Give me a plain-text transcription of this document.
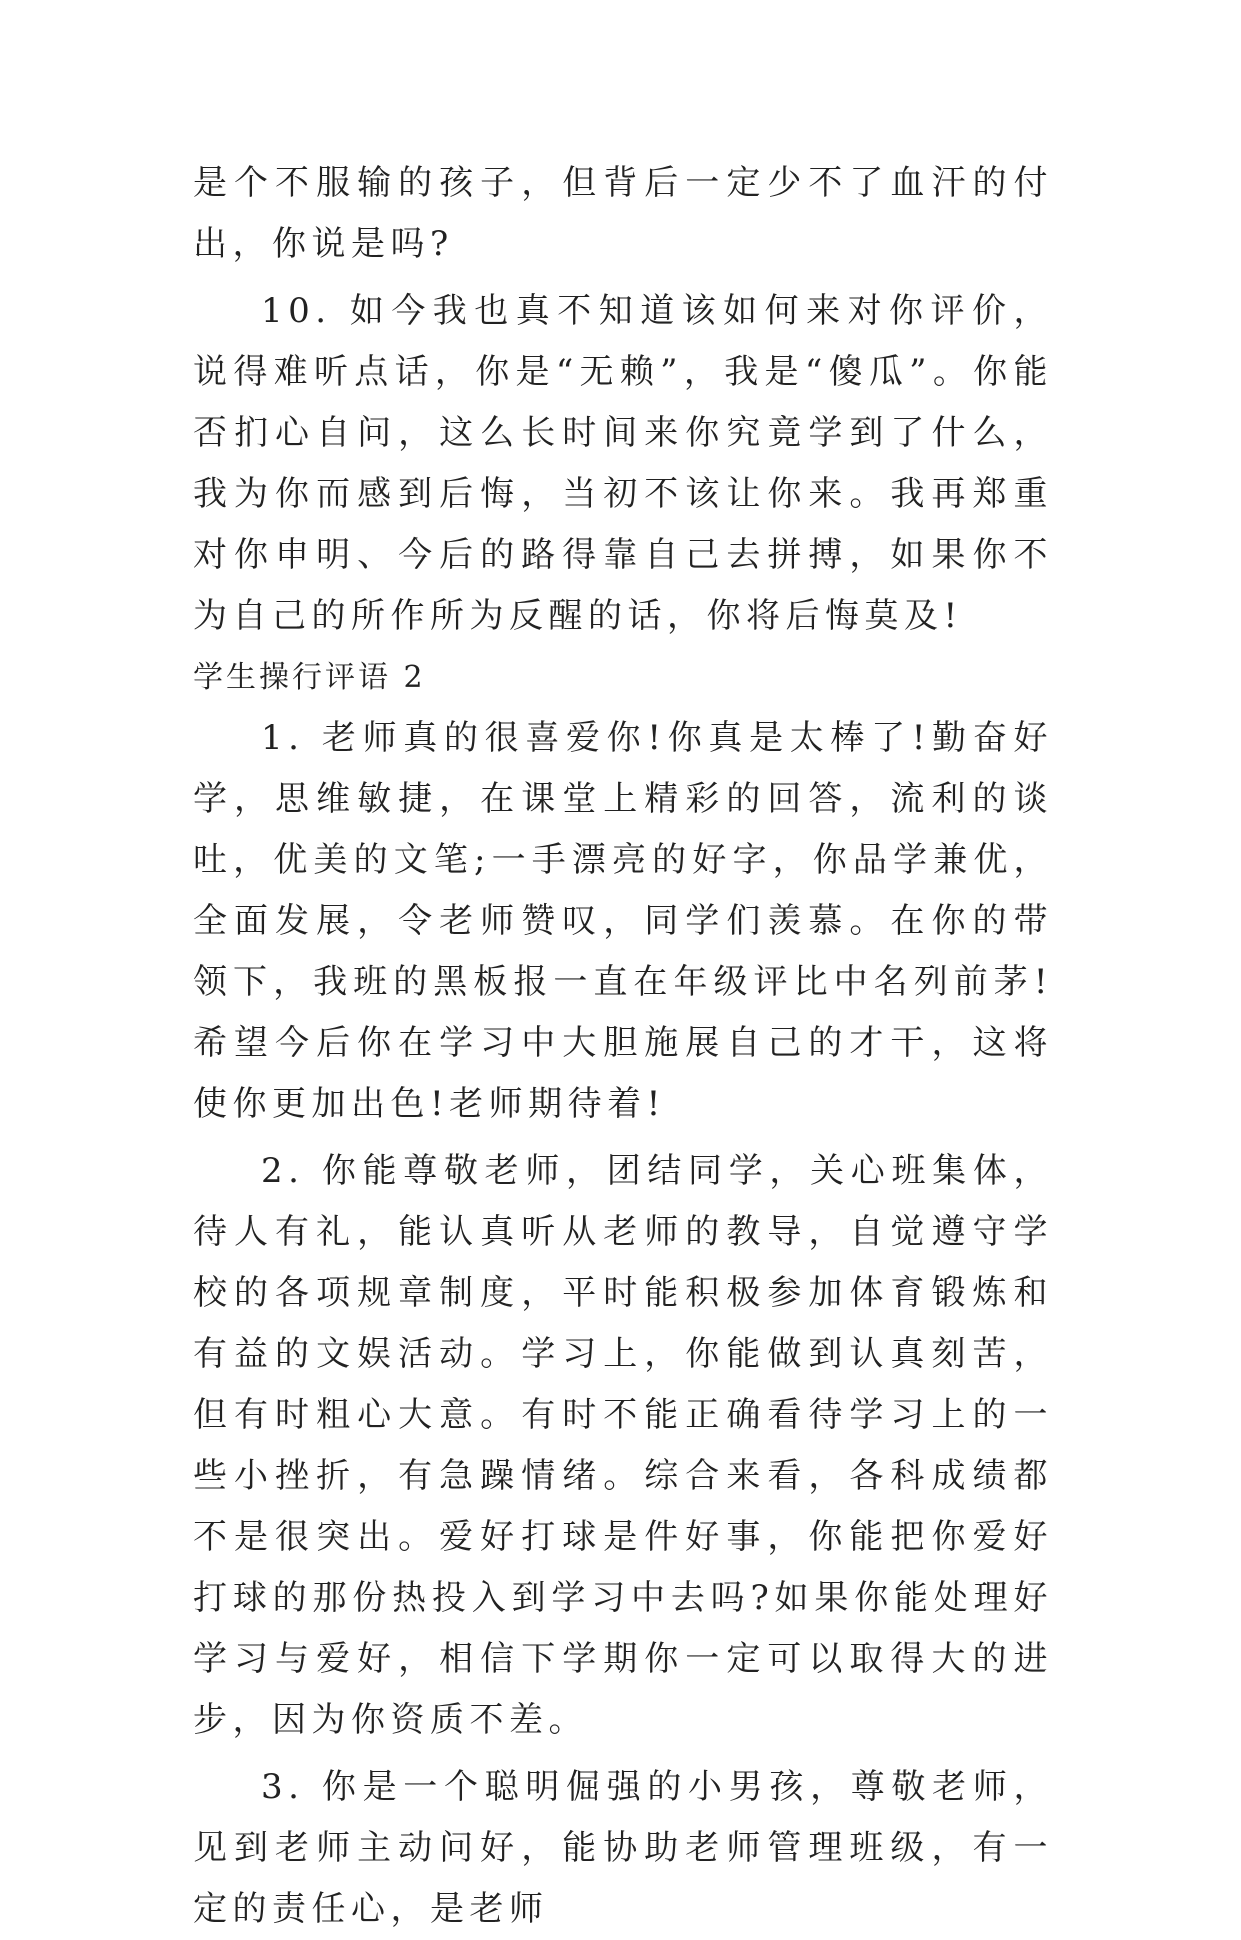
是个不服输的孩子，但背后一定少不了血汗的付出，你说是吗?

10. 如今我也真不知道该如何来对你评价，说得难听点话，你是“无赖”，我是“傻瓜”。你能否扪心自问，这么长时间来你究竟学到了什么，我为你而感到后悔，当初不该让你来。我再郑重对你申明、今后的路得靠自己去拼搏，如果你不为自己的所作所为反醒的话，你将后悔莫及!

学生操行评语 2

1. 老师真的很喜爱你!你真是太棒了!勤奋好学，思维敏捷，在课堂上精彩的回答，流利的谈吐，优美的文笔;一手漂亮的好字，你品学兼优，全面发展，令老师赞叹，同学们羡慕。在你的带领下，我班的黑板报一直在年级评比中名列前茅!希望今后你在学习中大胆施展自己的才干，这将使你更加出色!老师期待着!

2. 你能尊敬老师，团结同学，关心班集体，待人有礼，能认真听从老师的教导，自觉遵守学校的各项规章制度，平时能积极参加体育锻炼和有益的文娱活动。学习上，你能做到认真刻苦，但有时粗心大意。有时不能正确看待学习上的一些小挫折，有急躁情绪。综合来看，各科成绩都不是很突出。爱好打球是件好事，你能把你爱好打球的那份热投入到学习中去吗?如果你能处理好学习与爱好，相信下学期你一定可以取得大的进步，因为你资质不差。

3. 你是一个聪明倔强的小男孩，尊敬老师，见到老师主动问好，能协助老师管理班级，有一定的责任心，是老师
